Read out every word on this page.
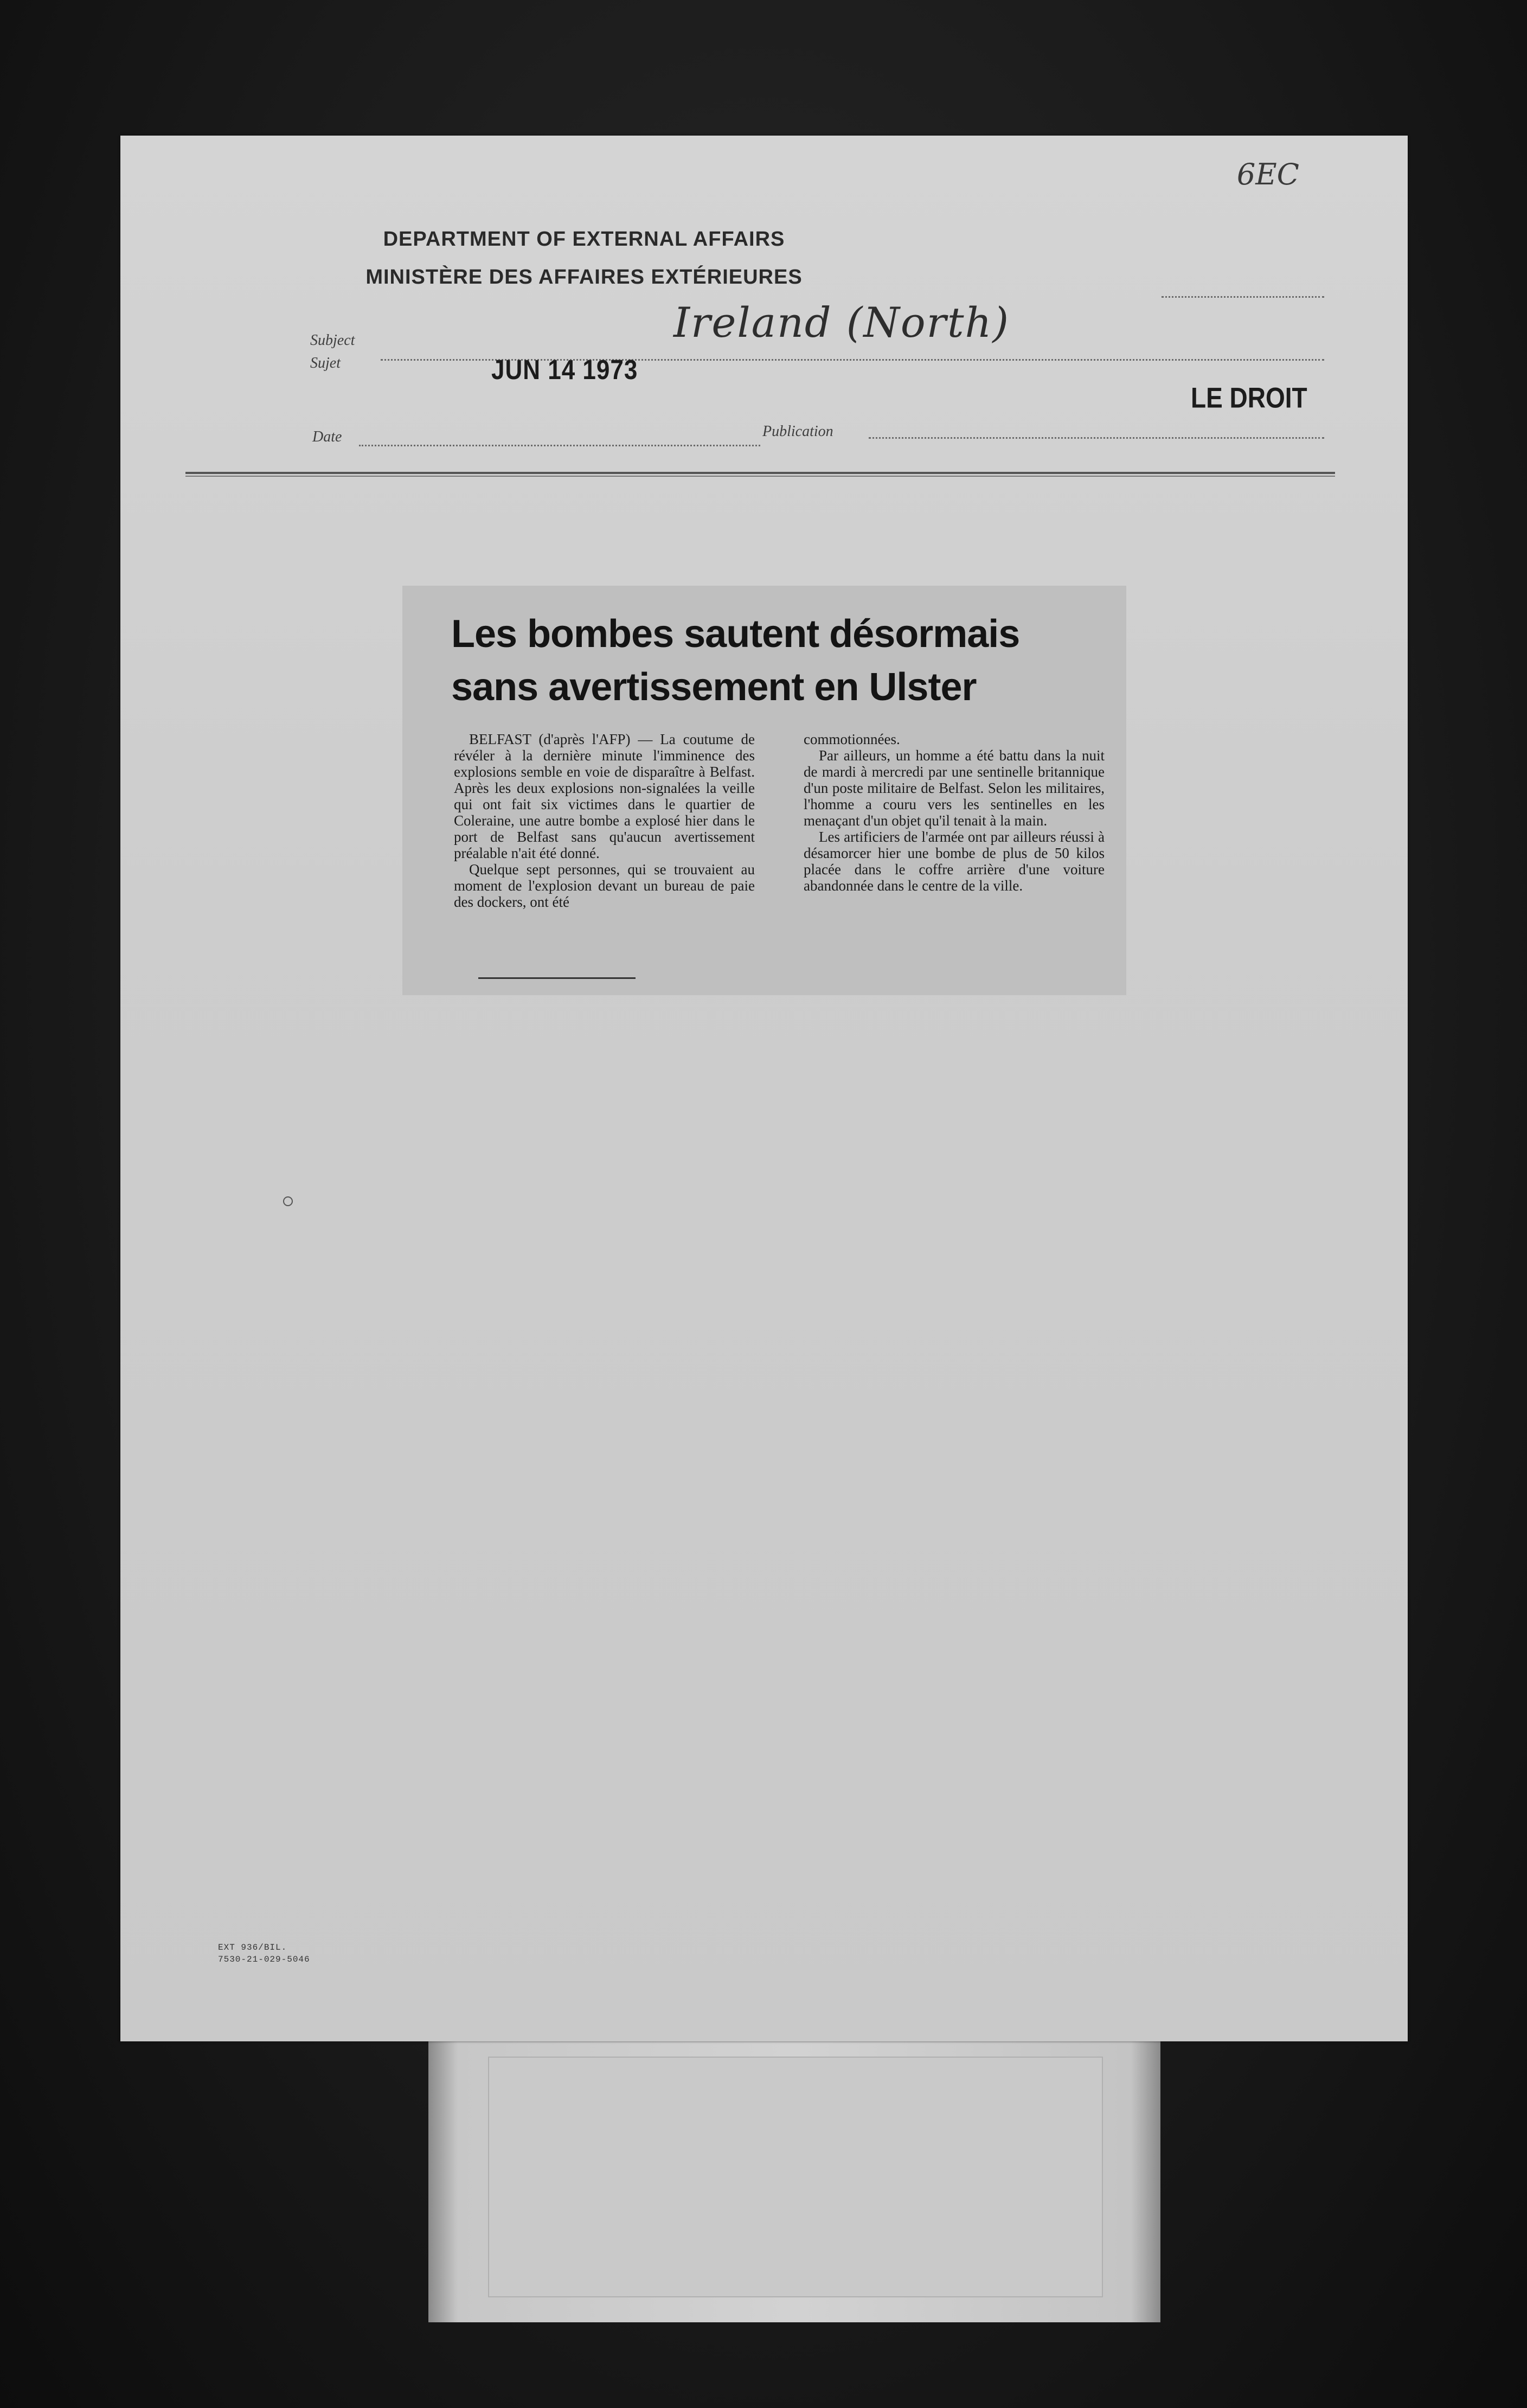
6EC
DEPARTMENT OF EXTERNAL AFFAIRS
MINISTÈRE DES AFFAIRES EXTÉRIEURES
Subject
Sujet
Ireland (North)
JUN 14 1973
LE DROIT
Date	Publication
Les bombes sautent désormais
sans avertissement en Ulster

BELFAST (d'après l'AFP) — La coutume de révéler à la dernière minute l'imminence des explosions semble en voie de disparaître à Belfast. Après les deux explosions non-signalées la veille qui ont fait six victimes dans le quartier de Coleraine, une autre bombe a explosé hier dans le port de Belfast sans qu'aucun avertissement préalable n'ait été donné.

Quelque sept personnes, qui se trouvaient au moment de l'explosion devant un bureau de paie des dockers, ont été

commotionnées.

Par ailleurs, un homme a été battu dans la nuit de mardi à mercredi par une sentinelle britannique d'un poste militaire de Belfast. Selon les militaires, l'homme a couru vers les sentinelles en les menaçant d'un objet qu'il tenait à la main.

Les artificiers de l'armée ont par ailleurs réussi à désamorcer hier une bombe de plus de 50 kilos placée dans le coffre arrière d'une voiture abandonnée dans le centre de la ville.

EXT 936/BIL.
7530-21-029-5046
